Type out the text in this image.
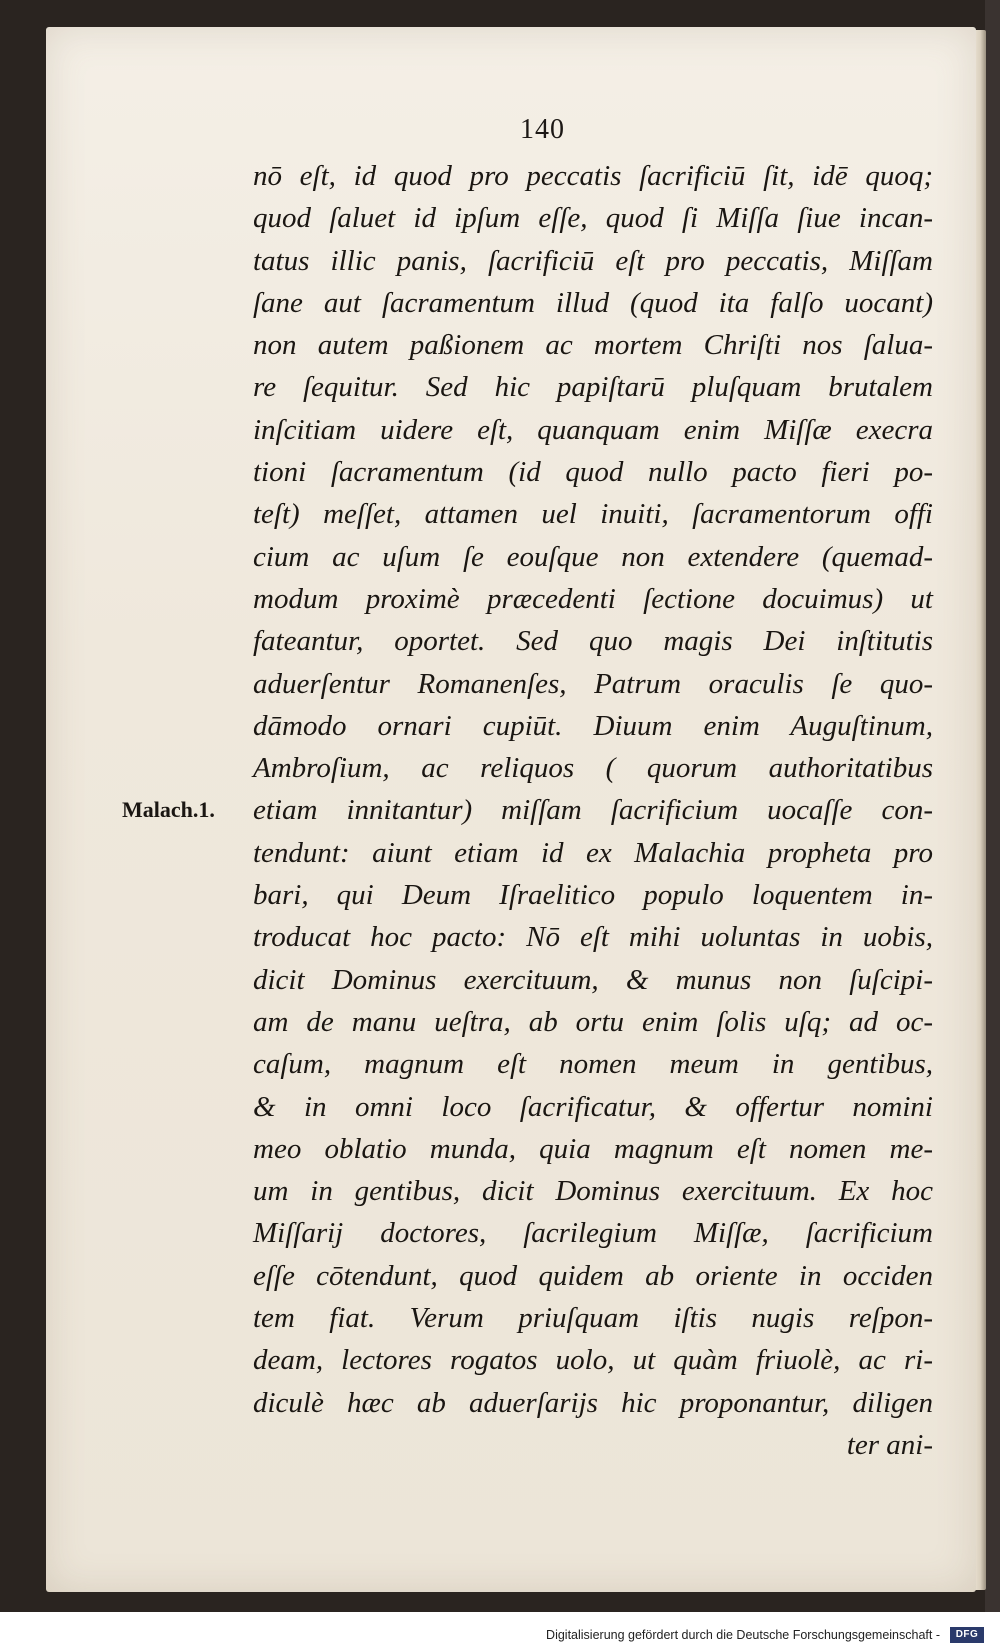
140
Malach.1.
nō eſt, id quod pro peccatis ſacrificiū ſit, idē quoq;
quod ſaluet id ipſum eſſe, quod ſi Miſſa ſiue incan-
tatus illic panis, ſacrificiū eſt pro peccatis, Miſſam
ſane aut ſacramentum illud (quod ita falſo uocant)
non autem paßionem ac mortem Chriſti nos ſalua-
re ſequitur. Sed hic papiſtarū pluſquam brutalem
inſcitiam uidere eſt, quanquam enim Miſſæ execra
tioni ſacramentum (id quod nullo pacto fieri po-
teſt) meſſet, attamen uel inuiti, ſacramentorum offi
cium ac uſum ſe eouſque non extendere (quemad-
modum proximè præcedenti ſectione docuimus) ut
fateantur, oportet. Sed quo magis Dei inſtitutis
aduerſentur Romanenſes, Patrum oraculis ſe quo-
dāmodo ornari cupiūt. Diuum enim Auguſtinum,
Ambroſium, ac reliquos ( quorum authoritatibus
etiam innitantur) miſſam ſacrificium uocaſſe con-
tendunt: aiunt etiam id ex Malachia propheta pro
bari, qui Deum Iſraelitico populo loquentem in-
troducat hoc pacto: Nō eſt mihi uoluntas in uobis,
dicit Dominus exercituum, & munus non ſuſcipi-
am de manu ueſtra, ab ortu enim ſolis uſq; ad oc-
caſum, magnum eſt nomen meum in gentibus,
& in omni loco ſacrificatur, & offertur nomini
meo oblatio munda, quia magnum eſt nomen me-
um in gentibus, dicit Dominus exercituum. Ex hoc
Miſſarij doctores, ſacrilegium Miſſæ, ſacrificium
eſſe cōtendunt, quod quidem ab oriente in occiden
tem fiat. Verum priuſquam iſtis nugis reſpon-
deam, lectores rogatos uolo, ut quàm friuolè, ac ri-
diculè hæc ab aduerſarijs hic proponantur, diligen
ter ani-
Digitalisierung gefördert durch die Deutsche Forschungsgemeinschaft -	DFG
